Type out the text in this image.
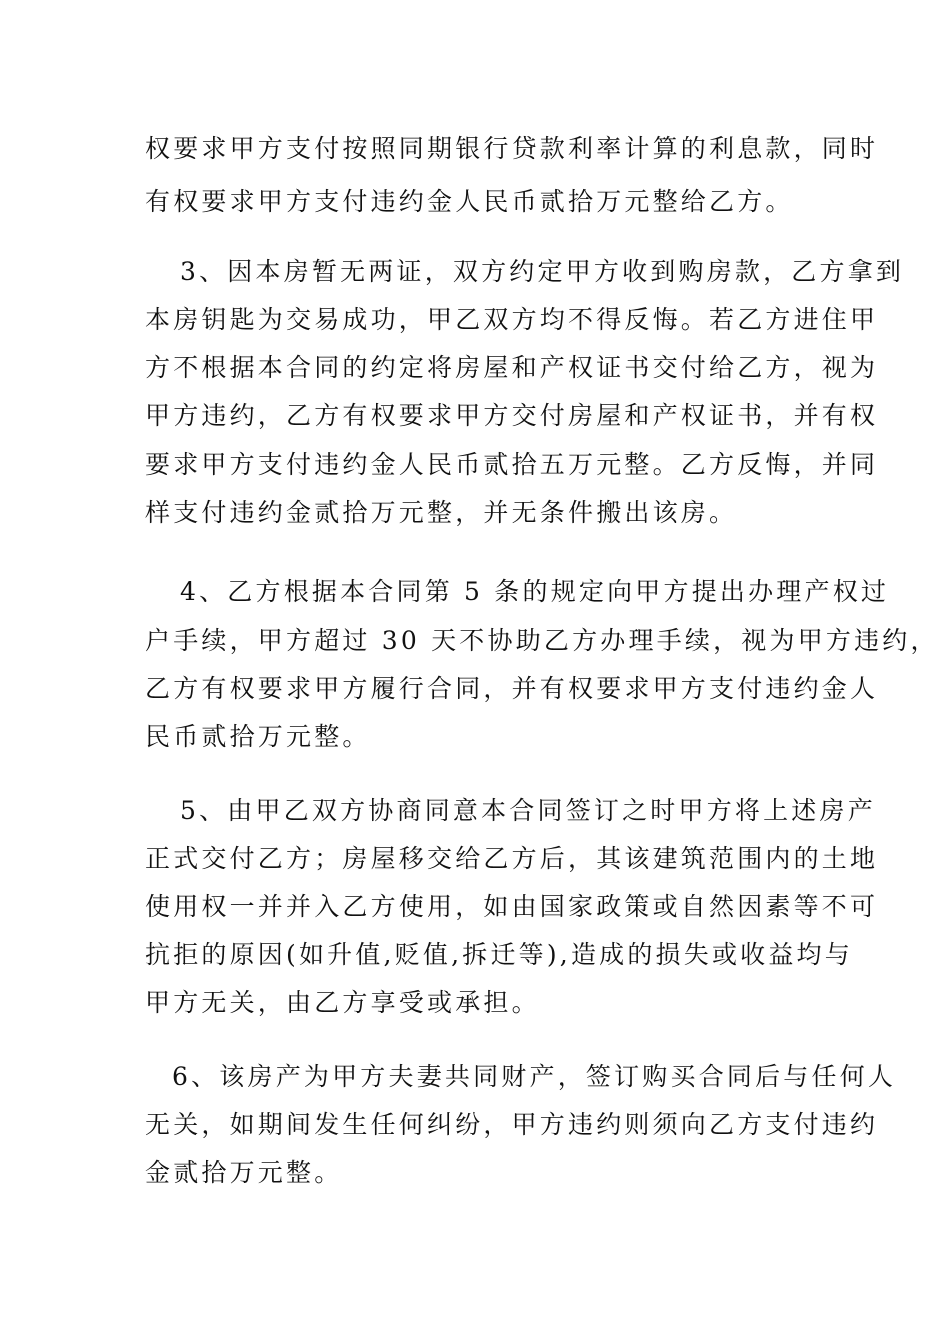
权要求甲方支付按照同期银行贷款利率计算的利息款，同时
有权要求甲方支付违约金人民币贰拾万元整给乙方。
3、因本房暂无两证，双方约定甲方收到购房款，乙方拿到
本房钥匙为交易成功，甲乙双方均不得反悔。若乙方进住甲
方不根据本合同的约定将房屋和产权证书交付给乙方，视为
甲方违约，乙方有权要求甲方交付房屋和产权证书，并有权
要求甲方支付违约金人民币贰拾五万元整。乙方反悔，并同
样支付违约金贰拾万元整，并无条件搬出该房。
4、乙方根据本合同第 5 条的规定向甲方提出办理产权过
户手续，甲方超过 30 天不协助乙方办理手续，视为甲方违约，
乙方有权要求甲方履行合同，并有权要求甲方支付违约金人
民币贰拾万元整。
5、由甲乙双方协商同意本合同签订之时甲方将上述房产
正式交付乙方；房屋移交给乙方后，其该建筑范围内的土地
使用权一并并入乙方使用，如由国家政策或自然因素等不可
抗拒的原因(如升值,贬值,拆迁等),造成的损失或收益均与
甲方无关，由乙方享受或承担。
6、该房产为甲方夫妻共同财产，签订购买合同后与任何人
无关，如期间发生任何纠纷，甲方违约则须向乙方支付违约
金贰拾万元整。
